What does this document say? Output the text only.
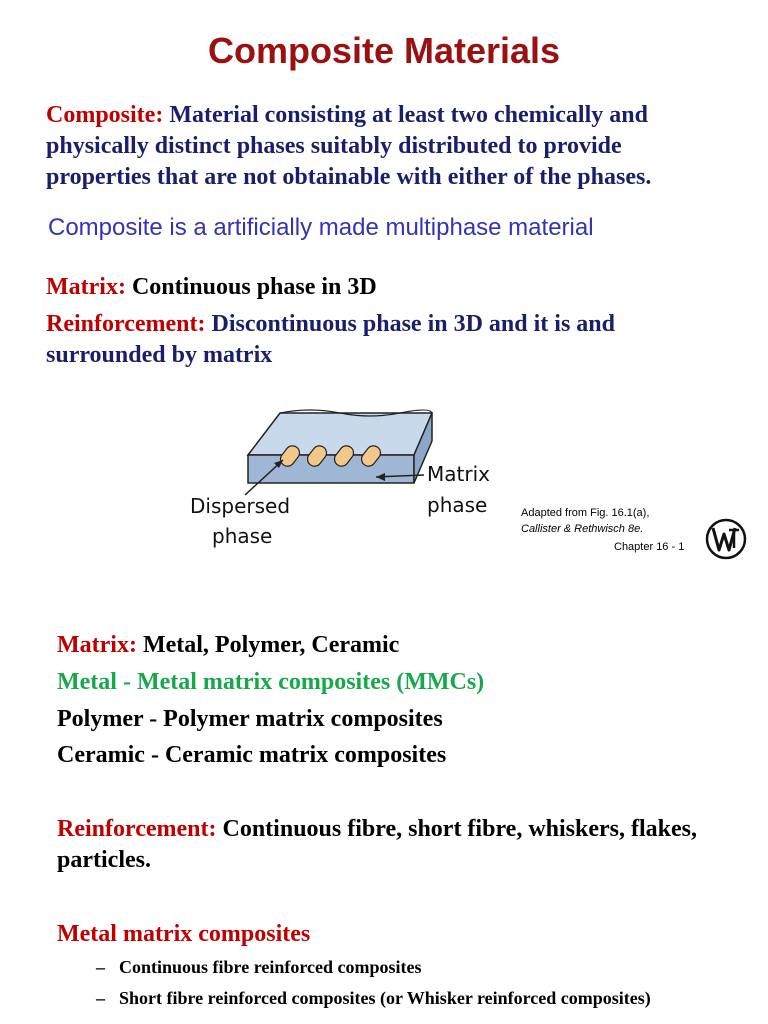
Composite Materials

Composite: Material consisting at least two chemically and physically distinct phases suitably distributed to provide properties that are not obtainable with either of the phases.

Composite is a artificially made multiphase material

Matrix: Continuous phase in 3D

Reinforcement: Discontinuous phase in 3D and it is and surrounded by matrix

Dispersed
phase
Matrix
phase	Adapted from Fig. 16.1(a),
Callister & Rethwisch 8e.
Chapter 16 - 1

Matrix: Metal, Polymer, Ceramic

Metal - Metal matrix composites (MMCs)

Polymer - Polymer matrix composites

Ceramic - Ceramic matrix composites

Reinforcement: Continuous fibre, short fibre, whiskers, flakes, particles.

Metal matrix composites

– Continuous fibre reinforced composites
– Short fibre reinforced composites (or Whisker reinforced composites)
